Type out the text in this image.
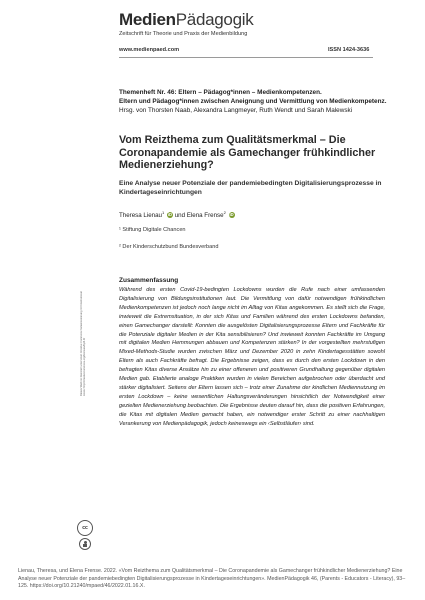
MedienPädagogik
Zeitschrift für Theorie und Praxis der Medienbildung
www.medienpaed.com	ISSN 1424-3636
Themenheft Nr. 46: Eltern – Pädagog*innen – Medienkompetenzen.
Eltern und Pädagog*innen zwischen Aneignung und Vermittlung von Medienkompetenz.
Hrsg. von Thorsten Naab, Alexandra Langmeyer, Ruth Wendt und Sarah Malewski
Vom Reizthema zum Qualitätsmerkmal – Die Coronapandemie als Gamechanger frühkindlicher Medienerziehung?
Eine Analyse neuer Potenziale der pandemiebedingten Digitalisierungsprozesse in Kindertageseinrichtungen
Theresa Lienau$^1$ iD und Elena Frense$^2$ iD
¹ Stiftung Digitale Chancen
² Der Kinderschutzbund Bundesverband
Zusammenfassung
Während des ersten Covid-19-bedingten Lockdowns wurden die Rufe nach einer umfassenden Digitalisierung von Bildungsinstitutionen laut. Die Vermittlung von dafür notwendigen frühkindlichen Medienkompetenzen ist jedoch noch lange nicht im Alltag von Kitas angekommen. Es stellt sich die Frage, inwieweit die Extremsituation, in der sich Kitas und Familien während des ersten Lockdowns befanden, einen Gamechanger darstellt: Konnten die ausgelösten Digitalisierungsprozesse Eltern und Fachkräfte für die Potenziale digitaler Medien in der Kita sensibilisieren? Und inwieweit konnten Fachkräfte im Umgang mit digitalen Medien Hemmungen abbauen und Kompetenzen stärken? In der vorgestellten mehrstufigen Mixed-Methods-Studie wurden zwischen März und Dezember 2020 in zehn Kindertagesstätten sowohl Eltern als auch Fachkräfte befragt. Die Ergebnisse zeigen, dass es durch den ersten Lockdown in den befragten Kitas diverse Ansätze hin zu einer offeneren und positiveren Grundhaltung gegenüber digitalen Medien gab. Etablierte analoge Praktiken wurden in vielen Bereichen aufgebrochen oder überdacht und stärker digitalisiert. Seitens der Eltern lassen sich – trotz einer Zunahme der kindlichen Mediennutzung im ersten Lockdown – keine wesentlichen Haltungsveränderungen hinsichtlich der Notwendigkeit einer gezielten Medienerziehung beobachten. Die Ergebnisse deuten darauf hin, dass die positiven Erfahrungen, die Kitas mit digitalen Medien gemacht haben, ein notwendiger erster Schritt zu einer nachhaltigen Verankerung von Medienpädagogik, jedoch keineswegs ein ‹Selbstläufer› sind.
Dieses Werk ist lizenziert unter einer Creative Commons Namensnennung 4.0 International Lizenz http://creativecommons.org/licenses/by/4.0/
cc
Lienau, Theresa, und Elena Frense. 2022. «Vom Reizthema zum Qualitätsmerkmal – Die Coronapandemie als Gamechanger frühkindlicher Medienerziehung? Eine Analyse neuer Potenziale der pandemiebedingten Digitalisierungsprozesse in Kindertageseinrichtungen». MedienPädagogik 46, (Parents - Educators - Literacy), 93–125. https://doi.org/10.21240/mpaed/46/2022.01.16.X.
